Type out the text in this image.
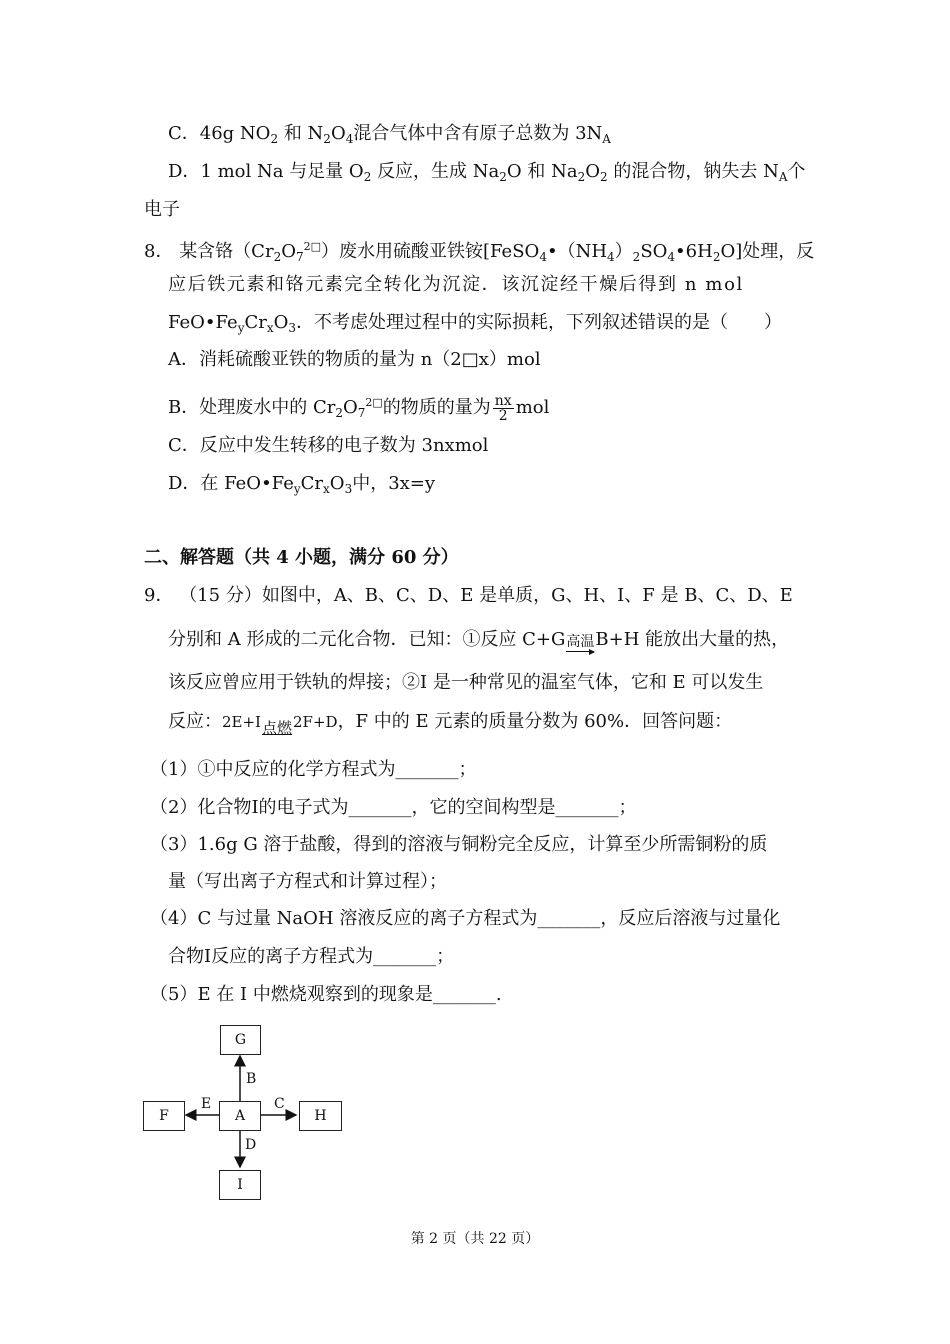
C．46g $NO_2$ 和 $N_2O_4$混合气体中含有原子总数为 $3N_A$
D．1 mol Na 与足量 $O_2$ 反应，生成 $Na_2O$ 和 $Na_2O_2$ 的混合物，钠失去 $N_A$个
电子
8． 某含铬$(Cr_2O_7^{2□})$废水用硫酸亚铁铵$[FeSO_4•(NH_4)_2SO_4•6H_2O]$处理，反
应后铁元素和铬元素完全转化为沉淀．该沉淀经干燥后得到 n mol
$FeO•Fe_yCr_xO_3$．不考虑处理过程中的实际损耗，下列叙述错误的是（　　）
A．消耗硫酸亚铁的物质的量为 n（2□x）mol
B．处理废水中的 $Cr_2O_7^{2□}$的物质的量为 $\frac{nx}{2}$ mol
C．反应中发生转移的电子数为 3nxmol
D．在 $FeO•Fe_yCr_xO_3$中，3x=y
二、解答题（共 4 小题，满分 60 分）
9． （15 分）如图中，A、B、C、D、E 是单质，G、H、I、F 是 B、C、D、E
分别和 A 形成的二元化合物．已知：①反应 C+G 高温 B+H 能放出大量的热，
该反应曾应用于铁轨的焊接；②I 是一种常见的温室气体，它和 E 可以发生
反应：2E+I 点燃 2F+D，F 中的 E 元素的质量分数为 60%．回答问题：
（1）①中反应的化学方程式为_______；
（2）化合物I的电子式为_______，它的空间构型是_______；
（3）1.6g G 溶于盐酸，得到的溶液与铜粉完全反应，计算至少所需铜粉的质
量（写出离子方程式和计算过程）；
（4）C 与过量 NaOH 溶液反应的离子方程式为_______，反应后溶液与过量化
合物I反应的离子方程式为_______；
（5）E 在 I 中燃烧观察到的现象是_______.
G
A
F	H
I
B
E	C
D
第 2 页（共 22 页）
